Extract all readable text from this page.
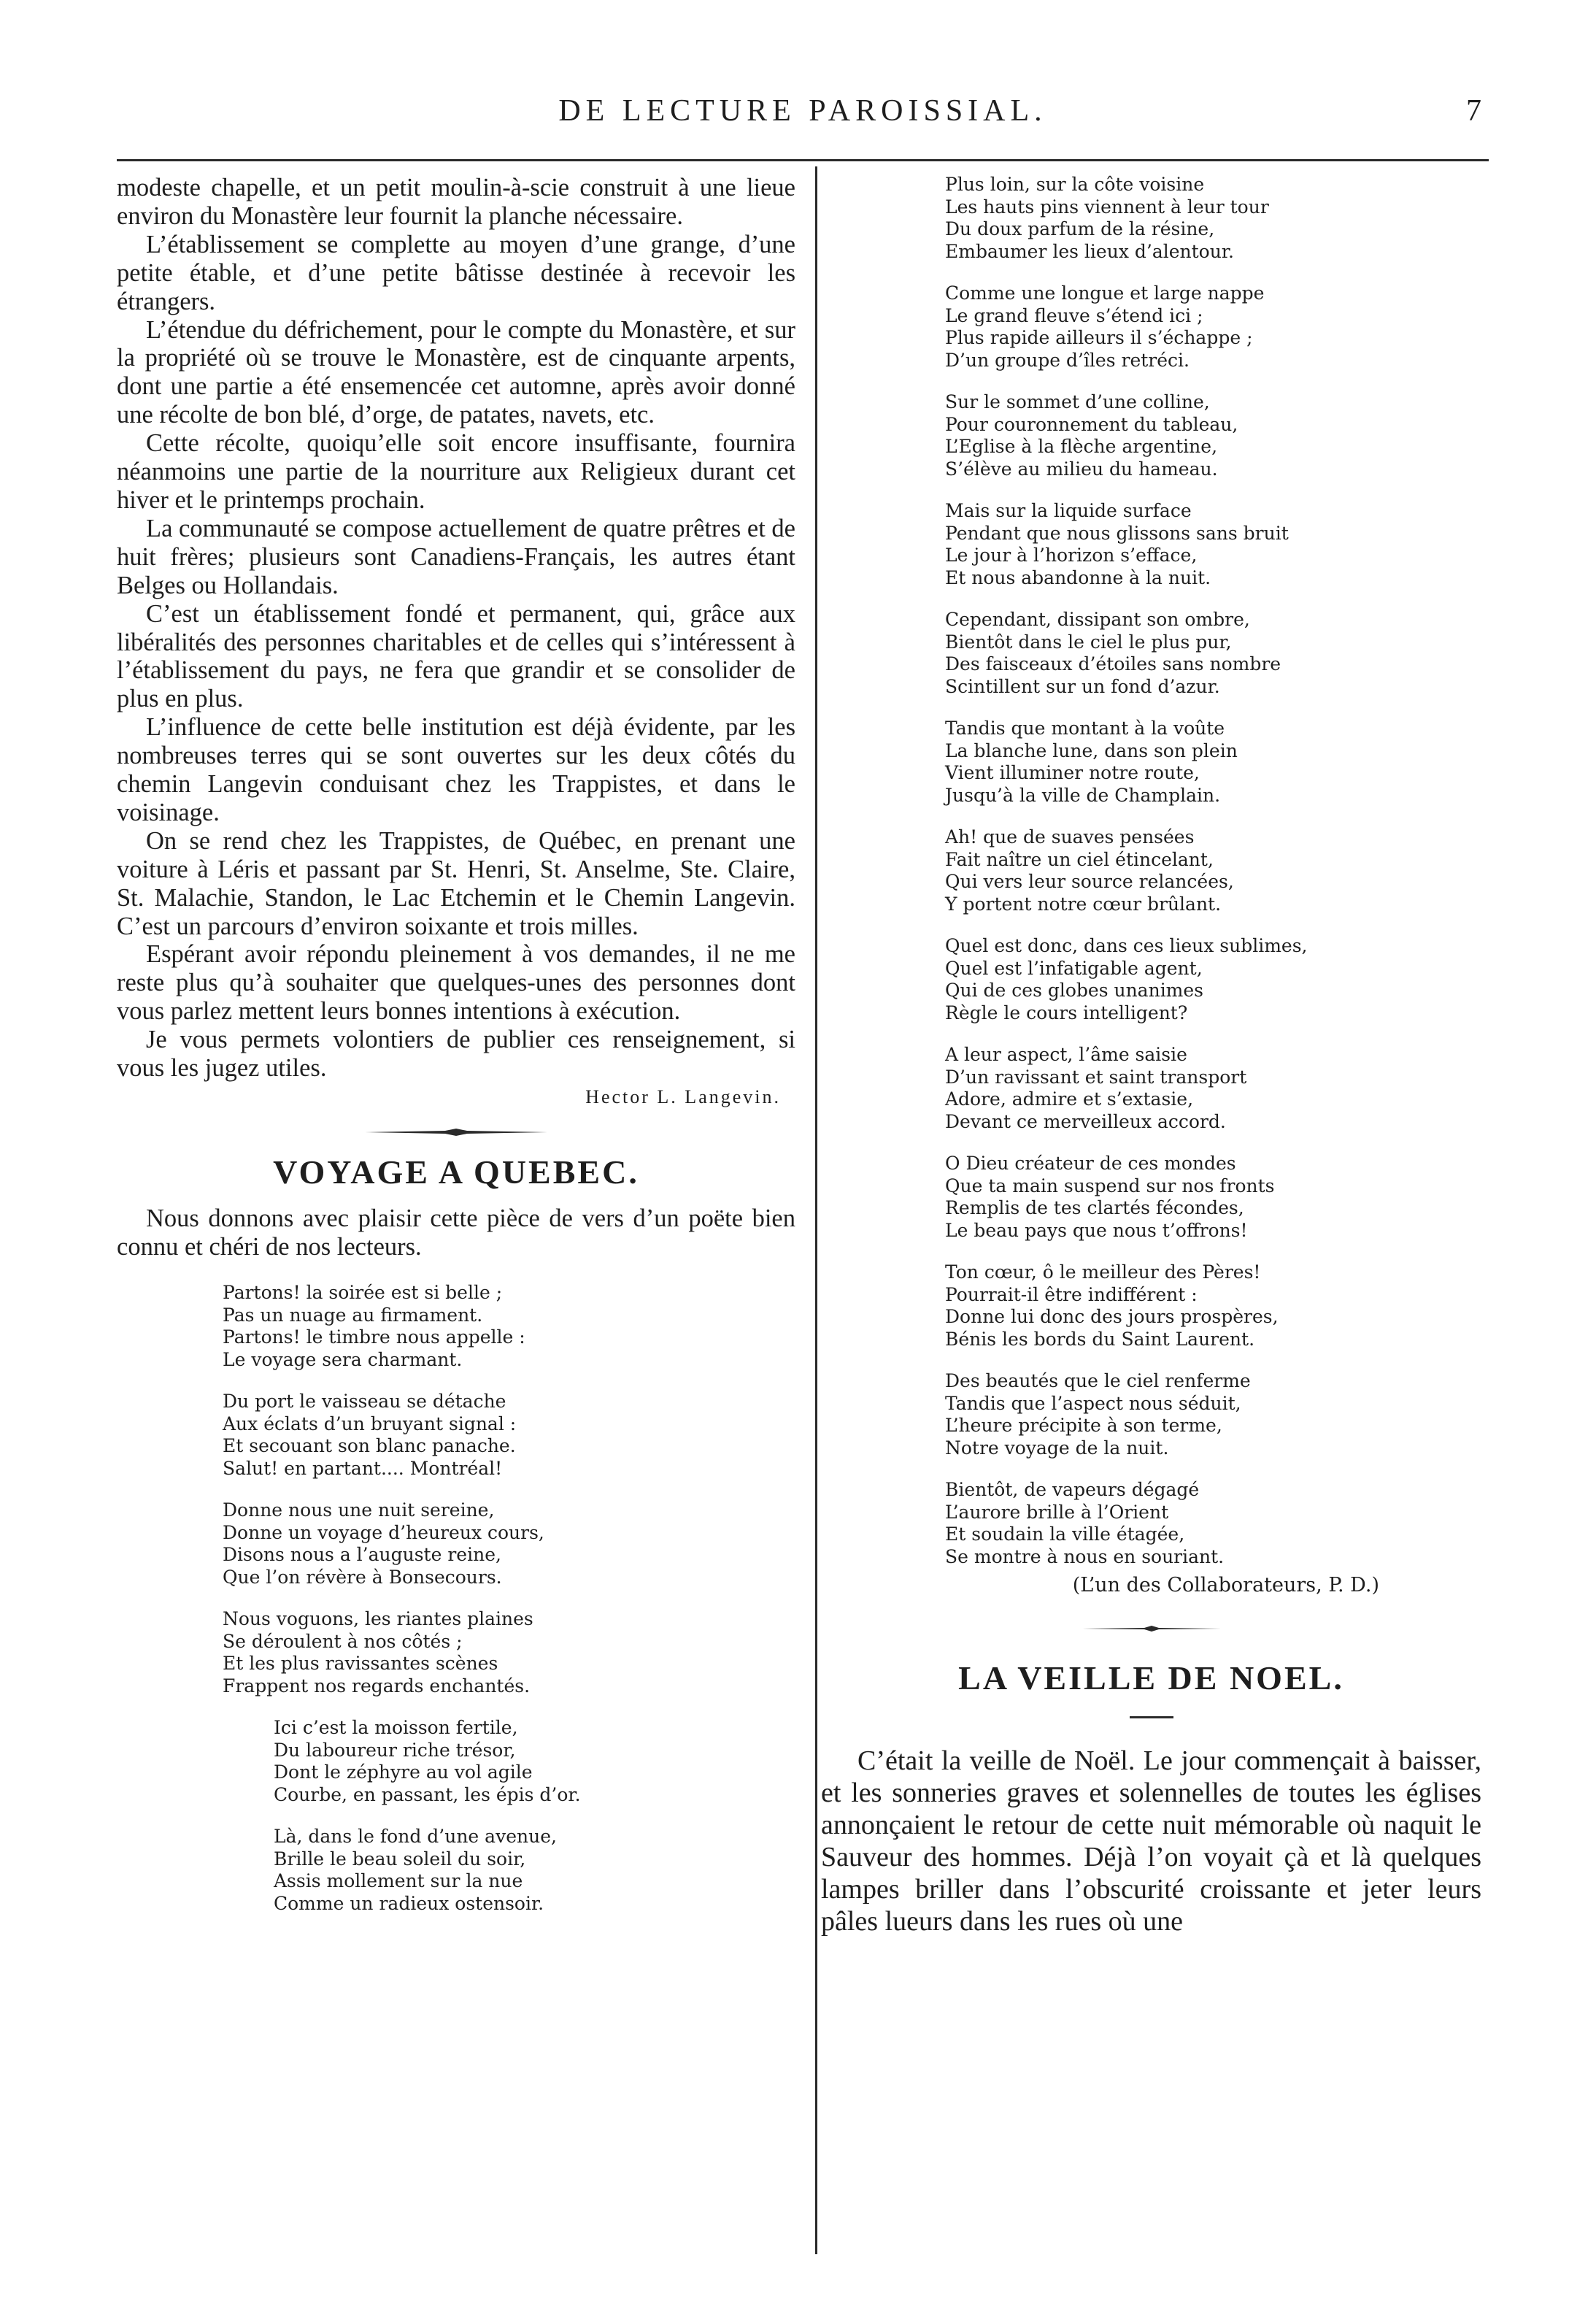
DE LECTURE PAROISSIAL.	7

modeste chapelle, et un petit moulin-à-scie construit à une lieue environ du Monastère leur fournit la planche nécessaire.

L’établissement se complette au moyen d’une grange, d’une petite étable, et d’une petite bâtisse destinée à recevoir les étrangers.

L’étendue du défrichement, pour le compte du Monastère, et sur la propriété où se trouve le Monastère, est de cinquante arpents, dont une partie a été ensemencée cet automne, après avoir donné une récolte de bon blé, d’orge, de patates, navets, etc.

Cette récolte, quoiqu’elle soit encore insuffisante, fournira néanmoins une partie de la nourriture aux Religieux durant cet hiver et le printemps prochain.

La communauté se compose actuellement de quatre prêtres et de huit frères; plusieurs sont Canadiens-Français, les autres étant Belges ou Hollandais.

C’est un établissement fondé et permanent, qui, grâce aux libéralités des personnes charitables et de celles qui s’intéressent à l’établissement du pays, ne fera que grandir et se consolider de plus en plus.

L’influence de cette belle institution est déjà évidente, par les nombreuses terres qui se sont ouvertes sur les deux côtés du chemin Langevin conduisant chez les Trappistes, et dans le voisinage.

On se rend chez les Trappistes, de Québec, en prenant une voiture à Léris et passant par St. Henri, St. Anselme, Ste. Claire, St. Malachie, Standon, le Lac Etchemin et le Chemin Langevin. C’est un parcours d’environ soixante et trois milles.

Espérant avoir répondu pleinement à vos demandes, il ne me reste plus qu’à souhaiter que quelques-unes des personnes dont vous parlez mettent leurs bonnes intentions à exécution.

Je vous permets volontiers de publier ces renseignement, si vous les jugez utiles.

Hector L. Langevin.

VOYAGE A QUEBEC.

Nous donnons avec plaisir cette pièce de vers d’un poëte bien connu et chéri de nos lecteurs.

Partons! la soirée est si belle ;
Pas un nuage au firmament.
Partons! le timbre nous appelle :
Le voyage sera charmant.
Du port le vaisseau se détache
Aux éclats d’un bruyant signal :
Et secouant son blanc panache.
Salut! en partant.... Montréal!
Donne nous une nuit sereine,
Donne un voyage d’heureux cours,
Disons nous a l’auguste reine,
Que l’on révère à Bonsecours.
Nous voguons, les riantes plaines
Se déroulent à nos côtés ;
Et les plus ravissantes scènes
Frappent nos regards enchantés.
Ici c’est la moisson fertile,
Du laboureur riche trésor,
Dont le zéphyre au vol agile
Courbe, en passant, les épis d’or.
Là, dans le fond d’une avenue,
Brille le beau soleil du soir,
Assis mollement sur la nue
Comme un radieux ostensoir.
Plus loin, sur la côte voisine
Les hauts pins viennent à leur tour
Du doux parfum de la résine,
Embaumer les lieux d’alentour.
Comme une longue et large nappe
Le grand fleuve s’étend ici ;
Plus rapide ailleurs il s’échappe ;
D’un groupe d’îles retréci.
Sur le sommet d’une colline,
Pour couronnement du tableau,
L’Eglise à la flèche argentine,
S’élève au milieu du hameau.
Mais sur la liquide surface
Pendant que nous glissons sans bruit
Le jour à l’horizon s’efface,
Et nous abandonne à la nuit.
Cependant, dissipant son ombre,
Bientôt dans le ciel le plus pur,
Des faisceaux d’étoiles sans nombre
Scintillent sur un fond d’azur.
Tandis que montant à la voûte
La blanche lune, dans son plein
Vient illuminer notre route,
Jusqu’à la ville de Champlain.
Ah! que de suaves pensées
Fait naître un ciel étincelant,
Qui vers leur source relancées,
Y portent notre cœur brûlant.
Quel est donc, dans ces lieux sublimes,
Quel est l’infatigable agent,
Qui de ces globes unanimes
Règle le cours intelligent?
A leur aspect, l’âme saisie
D’un ravissant et saint transport
Adore, admire et s’extasie,
Devant ce merveilleux accord.
O Dieu créateur de ces mondes
Que ta main suspend sur nos fronts
Remplis de tes clartés fécondes,
Le beau pays que nous t’offrons!
Ton cœur, ô le meilleur des Pères!
Pourrait-il être indifférent :
Donne lui donc des jours prospères,
Bénis les bords du Saint Laurent.
Des beautés que le ciel renferme
Tandis que l’aspect nous séduit,
L’heure précipite à son terme,
Notre voyage de la nuit.
Bientôt, de vapeurs dégagé
L’aurore brille à l’Orient
Et soudain la ville étagée,
Se montre à nous en souriant.

(L’un des Collaborateurs, P. D.)

LA VEILLE DE NOEL.

C’était la veille de Noël. Le jour commençait à baisser, et les sonneries graves et solennelles de toutes les églises annonçaient le retour de cette nuit mémorable où naquit le Sauveur des hommes. Déjà l’on voyait çà et là quelques lampes briller dans l’obscurité croissante et jeter leurs pâles lueurs dans les rues où une
